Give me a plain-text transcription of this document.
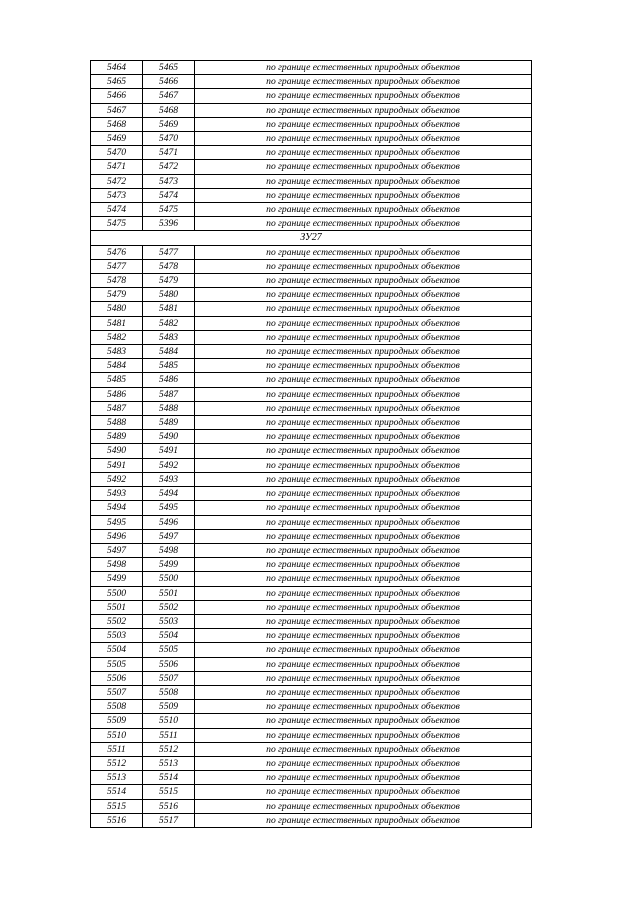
5464	5465	по границе естественных природных объектов
5465	5466	по границе естественных природных объектов
5466	5467	по границе естественных природных объектов
5467	5468	по границе естественных природных объектов
5468	5469	по границе естественных природных объектов
5469	5470	по границе естественных природных объектов
5470	5471	по границе естественных природных объектов
5471	5472	по границе естественных природных объектов
5472	5473	по границе естественных природных объектов
5473	5474	по границе естественных природных объектов
5474	5475	по границе естественных природных объектов
5475	5396	по границе естественных природных объектов
ЗУ27		
5476	5477	по границе естественных природных объектов
5477	5478	по границе естественных природных объектов
5478	5479	по границе естественных природных объектов
5479	5480	по границе естественных природных объектов
5480	5481	по границе естественных природных объектов
5481	5482	по границе естественных природных объектов
5482	5483	по границе естественных природных объектов
5483	5484	по границе естественных природных объектов
5484	5485	по границе естественных природных объектов
5485	5486	по границе естественных природных объектов
5486	5487	по границе естественных природных объектов
5487	5488	по границе естественных природных объектов
5488	5489	по границе естественных природных объектов
5489	5490	по границе естественных природных объектов
5490	5491	по границе естественных природных объектов
5491	5492	по границе естественных природных объектов
5492	5493	по границе естественных природных объектов
5493	5494	по границе естественных природных объектов
5494	5495	по границе естественных природных объектов
5495	5496	по границе естественных природных объектов
5496	5497	по границе естественных природных объектов
5497	5498	по границе естественных природных объектов
5498	5499	по границе естественных природных объектов
5499	5500	по границе естественных природных объектов
5500	5501	по границе естественных природных объектов
5501	5502	по границе естественных природных объектов
5502	5503	по границе естественных природных объектов
5503	5504	по границе естественных природных объектов
5504	5505	по границе естественных природных объектов
5505	5506	по границе естественных природных объектов
5506	5507	по границе естественных природных объектов
5507	5508	по границе естественных природных объектов
5508	5509	по границе естественных природных объектов
5509	5510	по границе естественных природных объектов
5510	5511	по границе естественных природных объектов
5511	5512	по границе естественных природных объектов
5512	5513	по границе естественных природных объектов
5513	5514	по границе естественных природных объектов
5514	5515	по границе естественных природных объектов
5515	5516	по границе естественных природных объектов
5516	5517	по границе естественных природных объектов
